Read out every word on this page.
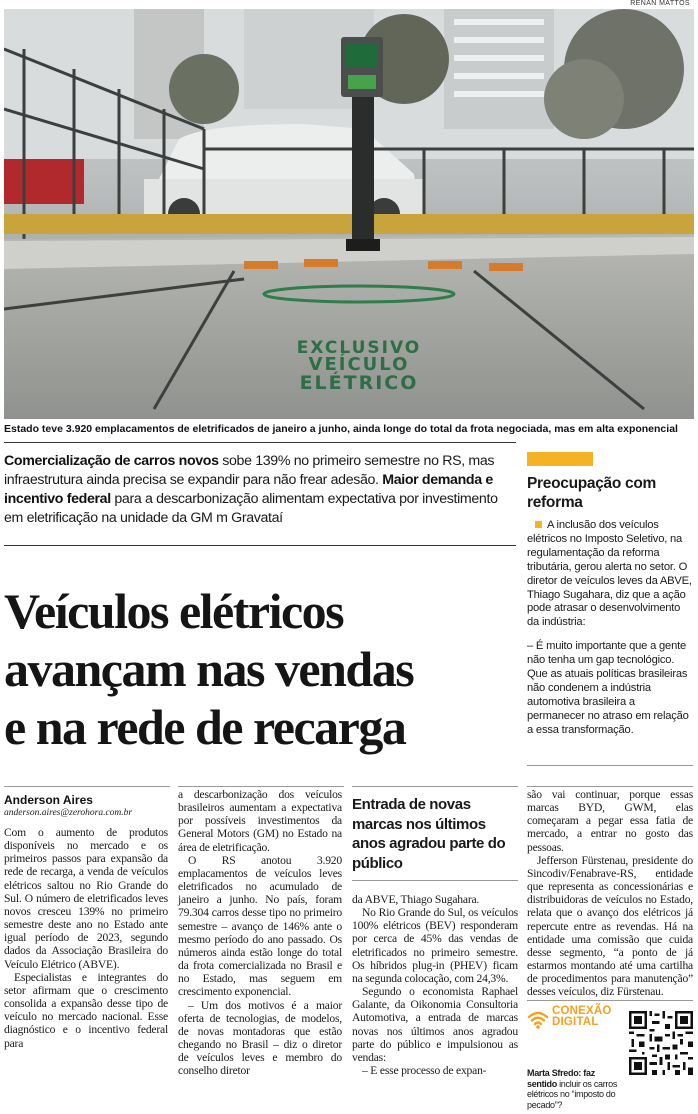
RENAN MATTOS
EXCLUSIVO
VEÍCULO
ELÉTRICO
Estado teve 3.920 emplacamentos de eletrificados de janeiro a junho, ainda longe do total da frota negociada, mas em alta exponencial
Comercialização de carros novos sobe 139% no primeiro semestre no RS, mas infraestrutura ainda precisa se expandir para não frear adesão. Maior demanda e incentivo federal para a descarbonização alimentam expectativa por investimento em eletrificação na unidade da GM m Gravataí
Veículos elétricos
avançam nas vendas
e na rede de recarga
Preocupação com reforma

A inclusão dos veículos elétricos no Imposto Seletivo, na regulamentação da reforma tributária, gerou alerta no setor. O diretor de veículos leves da ABVE, Thiago Sugahara, diz que a ação pode atrasar o desenvolvimento da indústria:

– É muito importante que a gente não tenha um gap tecnológico. Que as atuais políticas brasileiras não condenem a indústria automotiva brasileira a permanecer no atraso em relação a essa transformação.

Anderson Aires
anderson.aires@zerohora.com.br

Com o aumento de produtos disponíveis no mercado e os primeiros passos para expansão da rede de recarga, a venda de veículos elétricos saltou no Rio Grande do Sul. O número de eletrificados leves novos cresceu 139% no primeiro semestre deste ano no Estado ante igual período de 2023, segundo dados da Associação Brasileira do Veículo Elétrico (ABVE).

Especialistas e integrantes do setor afirmam que o crescimento consolida a expansão desse tipo de veículo no mercado nacional. Esse diagnóstico e o incentivo federal para

a descarbonização dos veículos brasileiros aumentam a expectativa por possíveis investimentos da General Motors (GM) no Estado na área de eletrificação.

O RS anotou 3.920 emplacamentos de veículos leves eletrificados no acumulado de janeiro a junho. No país, foram 79.304 carros desse tipo no primeiro semestre – avanço de 146% ante o mesmo período do ano passado. Os números ainda estão longe do total da frota comercializada no Brasil e no Estado, mas seguem em crescimento exponencial.

– Um dos motivos é a maior oferta de tecnologias, de modelos, de novas montadoras que estão chegando no Brasil – diz o diretor de veículos leves e membro do conselho diretor

Entrada de novas marcas nos últimos anos agradou parte do público

da ABVE, Thiago Sugahara.

No Rio Grande do Sul, os veículos 100% elétricos (BEV) responderam por cerca de 45% das vendas de eletrificados no primeiro semestre. Os híbridos plug-in (PHEV) ficam na segunda colocação, com 24,3%.

Segundo o economista Raphael Galante, da Oikonomia Consultoria Automotiva, a entrada de marcas novas nos últimos anos agradou parte do público e impulsionou as vendas:

– E esse processo de expan-

são vai continuar, porque essas marcas BYD, GWM, elas começaram a pegar essa fatia de mercado, a entrar no gosto das pessoas.

Jefferson Fürstenau, presidente do Sincodiv/Fenabrave-RS, entidade que representa as concessionárias e distribuidoras de veículos no Estado, relata que o avanço dos elétricos já repercute entre as revendas. Há na entidade uma comissão que cuida desse segmento, “a ponto de já estarmos montando até uma cartilha de procedimentos para manutenção” desses veículos, diz Fürstenau.

CONEXÃO
DIGITAL
Marta Sfredo: faz sentido incluir os carros elétricos no “imposto do pecado”?
